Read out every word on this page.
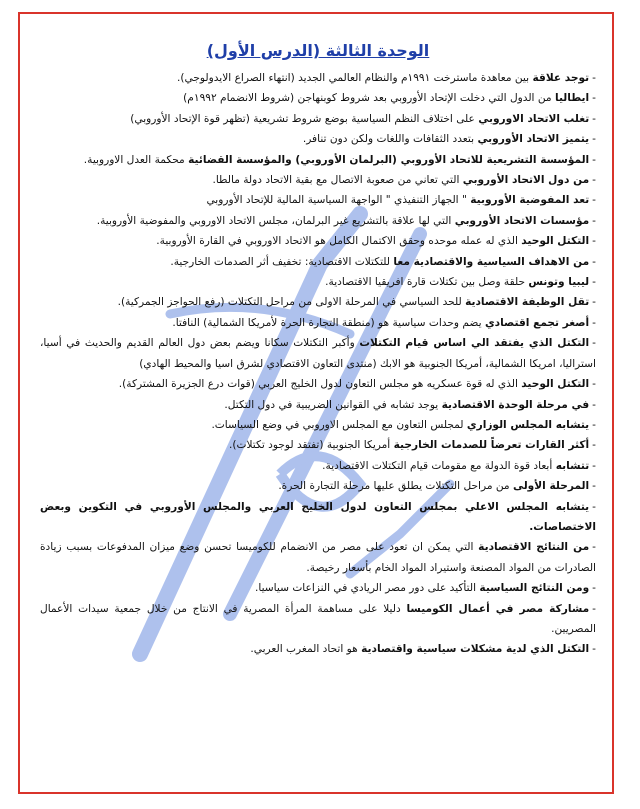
الوحدة الثالثة (الدرس الأول)
-توجد علاقة بين معاهدة ماسترخت ١٩٩١م والنظام العالمي الجديد (انتهاء الصراع الايدولوجي).
-ايطاليا من الدول التي دخلت الإتحاد الأوروبي بعد شروط كوبنهاجن (شروط الانضمام ١٩٩٢م)
-تغلب الاتحاد الاوروبي على اختلاف النظم السياسية بوضع شروط تشريعية (تظهر قوة الإتحاد الأوروبي)
-يتميز الاتحاد الأوروبي بتعدد الثقافات واللغات ولكن دون تنافر.
-المؤسسة التشريعية للاتحاد الأوروبي (البرلمان الأوروبي) والمؤسسة القضائية محكمة العدل الاوروبية.
-من دول الاتحاد الأوروبي التي تعاني من صعوبة الاتصال مع بقية الاتحاد دولة مالطا.
-تعد المفوضية الأوروبية " الجهاز التنفيذي " الواجهة السياسية المالية للإتحاد الأوروبي
-مؤسسات الاتحاد الأوروبي التي لها علاقة بالتشريع غير البرلمان، مجلس الاتحاد الاوروبي والمفوضية الأوروبية.
-التكتل الوحيد الذي له عمله موحده وحقق الاكتمال الكامل هو الاتحاد الاوروبي في القارة الأوروبية.
-من الاهداف السياسية والاقتصادية معا للتكتلات الاقتصادية: تخفيف أثر الصدمات الخارجية.
-ليبيا وتونس حلقة وصل بين تكتلات قارة افريقيا الاقتصادية.
-تقل الوظيفة الاقتصادية للحد السياسي في المرحلة الاولى من مراحل التكتلات (رفع الحواجز الجمركية).
-أصغر تجمع اقتصادي يضم وحدات سياسية هو (منطقة التجارة الحرة لأمريكا الشمالية) النافتا.
-التكتل الذي يفتقد الي اساس قيام التكتلات وأكبر التكتلات سكانا ويضم بعض دول العالم القديم والحديث في أسيا، استراليا، امريكا الشمالية، أمريكا الجنوبية هو الابك (منتدى التعاون الاقتصادي لشرق اسيا والمحيط الهادي)
-التكتل الوحيد الذي له قوة عسكريه هو مجلس التعاون لدول الخليج العربي (قوات درع الجزيرة المشتركة).
-في مرحلة الوحدة الاقتصادية يوجد تشابه في القوانين الضريبية في دول التكتل.
-يتشابه المجلس الوزاري لمجلس التعاون مع المجلس الاوروبي في وضع السياسات.
-أكثر القارات تعرضاً للصدمات الخارجية أمريكا الجنوبية (تفتقد لوجود تكتلات).
-تتشابه أبعاد قوة الدولة مع مقومات قيام التكتلات الاقتصادية.
-المرحلة الأولى من مراحل التكتلات يطلق عليها مرحلة التجارة الحرة.
-يتشابه المجلس الاعلي بمجلس التعاون لدول الخليج العربي والمجلس الأوروبي في التكوين وبعض الاختصاصات.
-من النتائج الاقتصادية التي يمكن ان تعود على مصر من الانضمام للكوميسا تحسن وضع ميزان المدفوعات بسبب زيادة الصادرات من المواد المصنعة واستيراد المواد الخام بأسعار رخيصة.
-ومن النتائج السياسية التأكيد على دور مصر الريادي في النزاعات سياسيا.
-مشاركة مصر في أعمال الكوميسا دليلا على مساهمة المرأة المصرية في الانتاج من خلال جمعية سيدات الأعمال المصريين.
-التكتل الذي لدية مشكلات سياسية واقتصادية هو اتحاد المغرب العربي.
